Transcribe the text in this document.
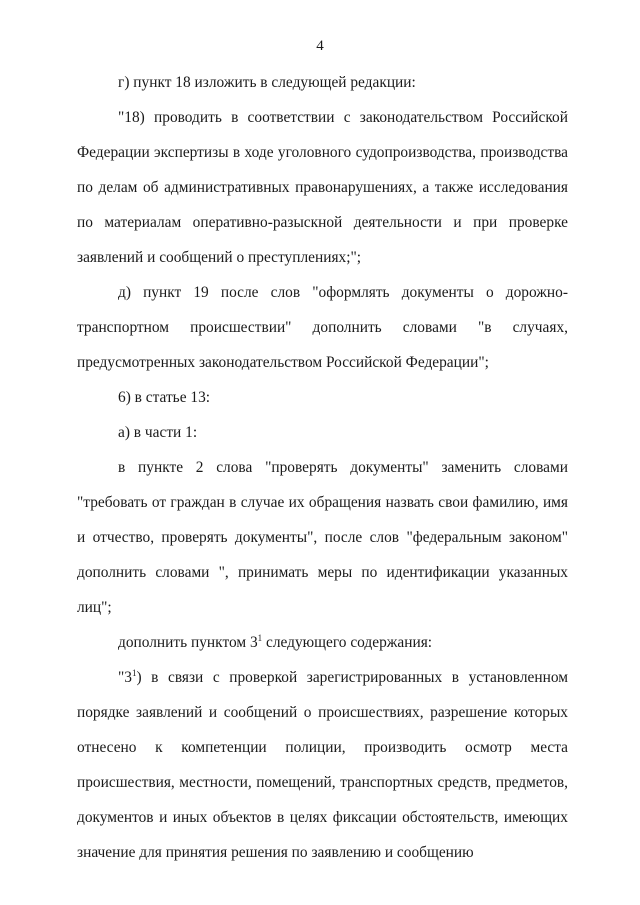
4

г) пункт 18 изложить в следующей редакции:

"18) проводить в соответствии с законодательством Российской Федерации экспертизы в ходе уголовного судопроизводства, производства по делам об административных правонарушениях, а также исследования по материалам оперативно-разыскной деятельности и при проверке заявлений и сообщений о преступлениях;";

д) пункт 19 после слов "оформлять документы о дорожно-транспортном происшествии" дополнить словами "в случаях, предусмотренных законодательством Российской Федерации";

6) в статье 13:

а) в части 1:

в пункте 2 слова "проверять документы" заменить словами "требовать от граждан в случае их обращения назвать свои фамилию, имя и отчество, проверять документы", после слов "федеральным законом" дополнить словами ", принимать меры по идентификации указанных лиц";

дополнить пунктом $3^1$ следующего содержания:

"$3^1$) в связи с проверкой зарегистрированных в установленном порядке заявлений и сообщений о происшествиях, разрешение которых отнесено к компетенции полиции, производить осмотр места происшествия, местности, помещений, транспортных средств, предметов, документов и иных объектов в целях фиксации обстоятельств, имеющих значение для принятия решения по заявлению и сообщению
